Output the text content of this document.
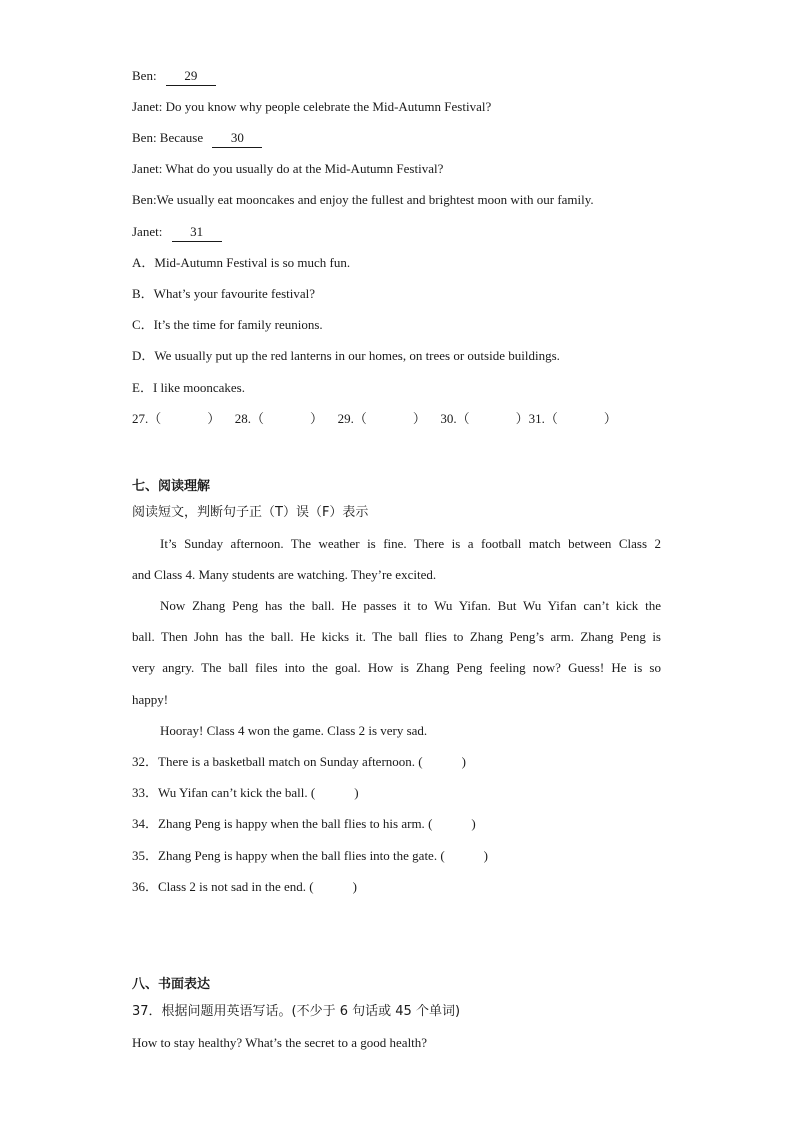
Ben: 29
Janet: Do you know why people celebrate the Mid-Autumn Festival?
Ben: Because 30
Janet: What do you usually do at the Mid-Autumn Festival?
Ben:We usually eat mooncakes and enjoy the fullest and brightest moon with our family.
Janet: 31
A．Mid-Autumn Festival is so much fun.
B．What’s your favourite festival?
C．It’s the time for family reunions.
D．We usually put up the red lanterns in our homes, on trees or outside buildings.
E．I like mooncakes.
27.（	） 28.（	） 29.（	） 30.（	）31.（	）
七、阅读理解
阅读短文，判断句子正（T）误（F）表示
It’s Sunday afternoon. The weather is fine. There is a football match between Class 2
and Class 4. Many students are watching. They’re excited.
Now Zhang Peng has the ball. He passes it to Wu Yifan. But Wu Yifan can’t kick the
ball. Then John has the ball. He kicks it. The ball flies to Zhang Peng’s arm. Zhang Peng is
very angry. The ball files into the goal. How is Zhang Peng feeling now? Guess! He is so
happy!
Hooray! Class 4 won the game. Class 2 is very sad.
32．There is a basketball match on Sunday afternoon. (            )
33．Wu Yifan can’t kick the ball. (            )
34．Zhang Peng is happy when the ball flies to his arm. (            )
35．Zhang Peng is happy when the ball flies into the gate. (            )
36．Class 2 is not sad in the end. (            )
八、书面表达
37．根据问题用英语写话。(不少于 6 句话或 45 个单词)
How to stay healthy? What’s the secret to a good health?
